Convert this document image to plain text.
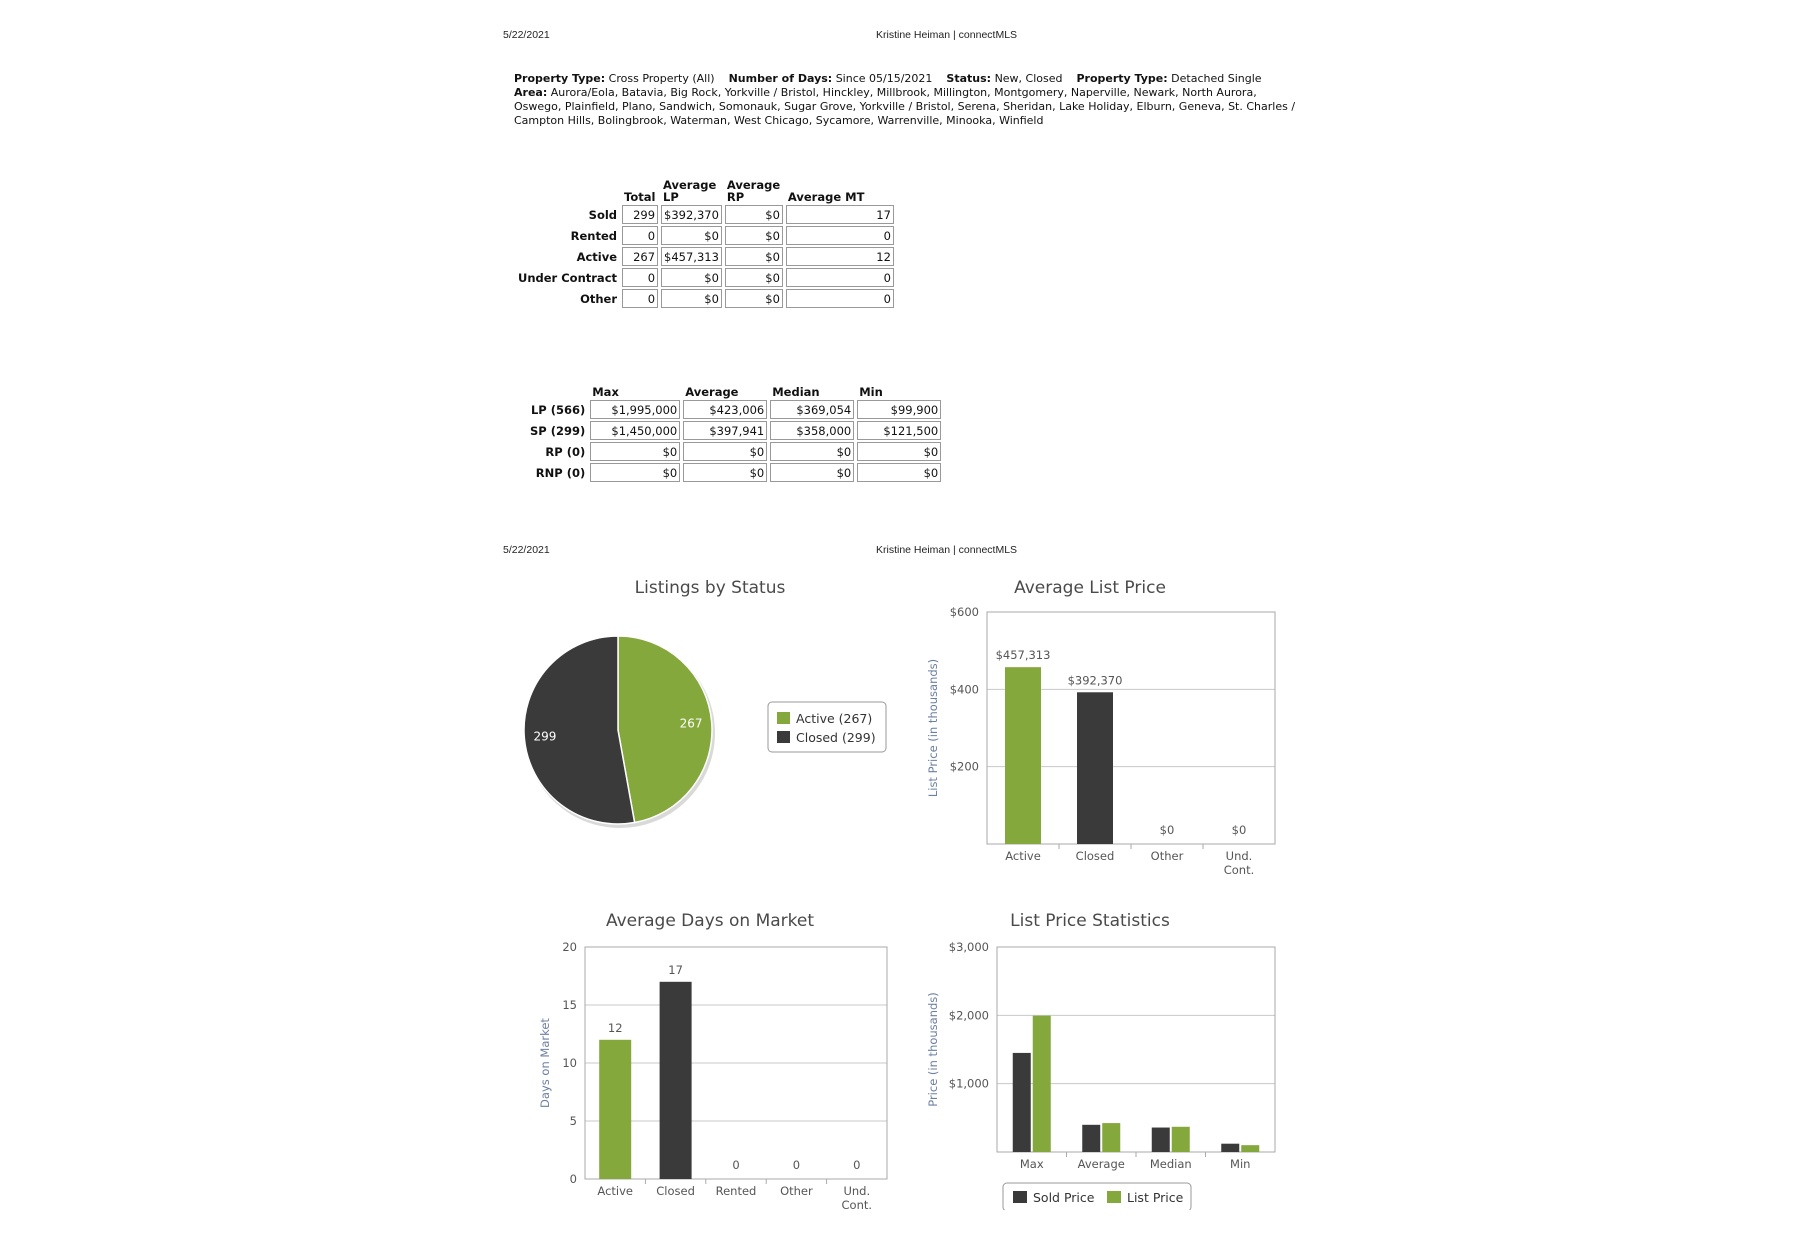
5/22/2021	Kristine Heiman | connectMLS
Property Type: Cross Property (All) Number of Days: Since 05/15/2021 Status: New, Closed Property Type: Detached Single    Area: Aurora/Eola, Batavia, Big Rock, Yorkville / Bristol, Hinckley, Millbrook, Millington, Montgomery, Naperville, Newark, North Aurora, Oswego, Plainfield, Plano, Sandwich, Somonauk, Sugar Grove, Yorkville / Bristol, Serena, Sheridan, Lake Holiday, Elburn, Geneva, St. Charles / Campton Hills, Bolingbrook, Waterman, West Chicago, Sycamore, Warrenville, Minooka, Winfield
	Total	Average LP	Average RP	Average MT
Sold	299	$392,370	$0	17
Rented	0	$0	$0	0
Active	267	$457,313	$0	12
Under Contract	0	$0	$0	0
Other	0	$0	$0	0
	Max	Average	Median	Min
LP (566)	$1,995,000	$423,006	$369,054	$99,900
SP (299)	$1,450,000	$397,941	$358,000	$121,500
RP (0)	$0	$0	$0	$0
RNP (0)	$0	$0	$0	$0
5/22/2021	Kristine Heiman | connectMLS
Listings by Status	Average List Price
Average Days on Market	List Price Statistics
267
299
Active (267)
Closed (299)
$600
$400
$200
List Price (in thousands)
Active	Closed	Other	Und. Cont.
$457,313
$392,370
$0	$0
20
15
10
5
0
Days on Market
Active Closed Rented Other	Und. Cont.
12
17
0	0	0
$3,000
$2,000
$1,000
Price (in thousands)
Max	Average Median	Min
Sold Price	List Price
